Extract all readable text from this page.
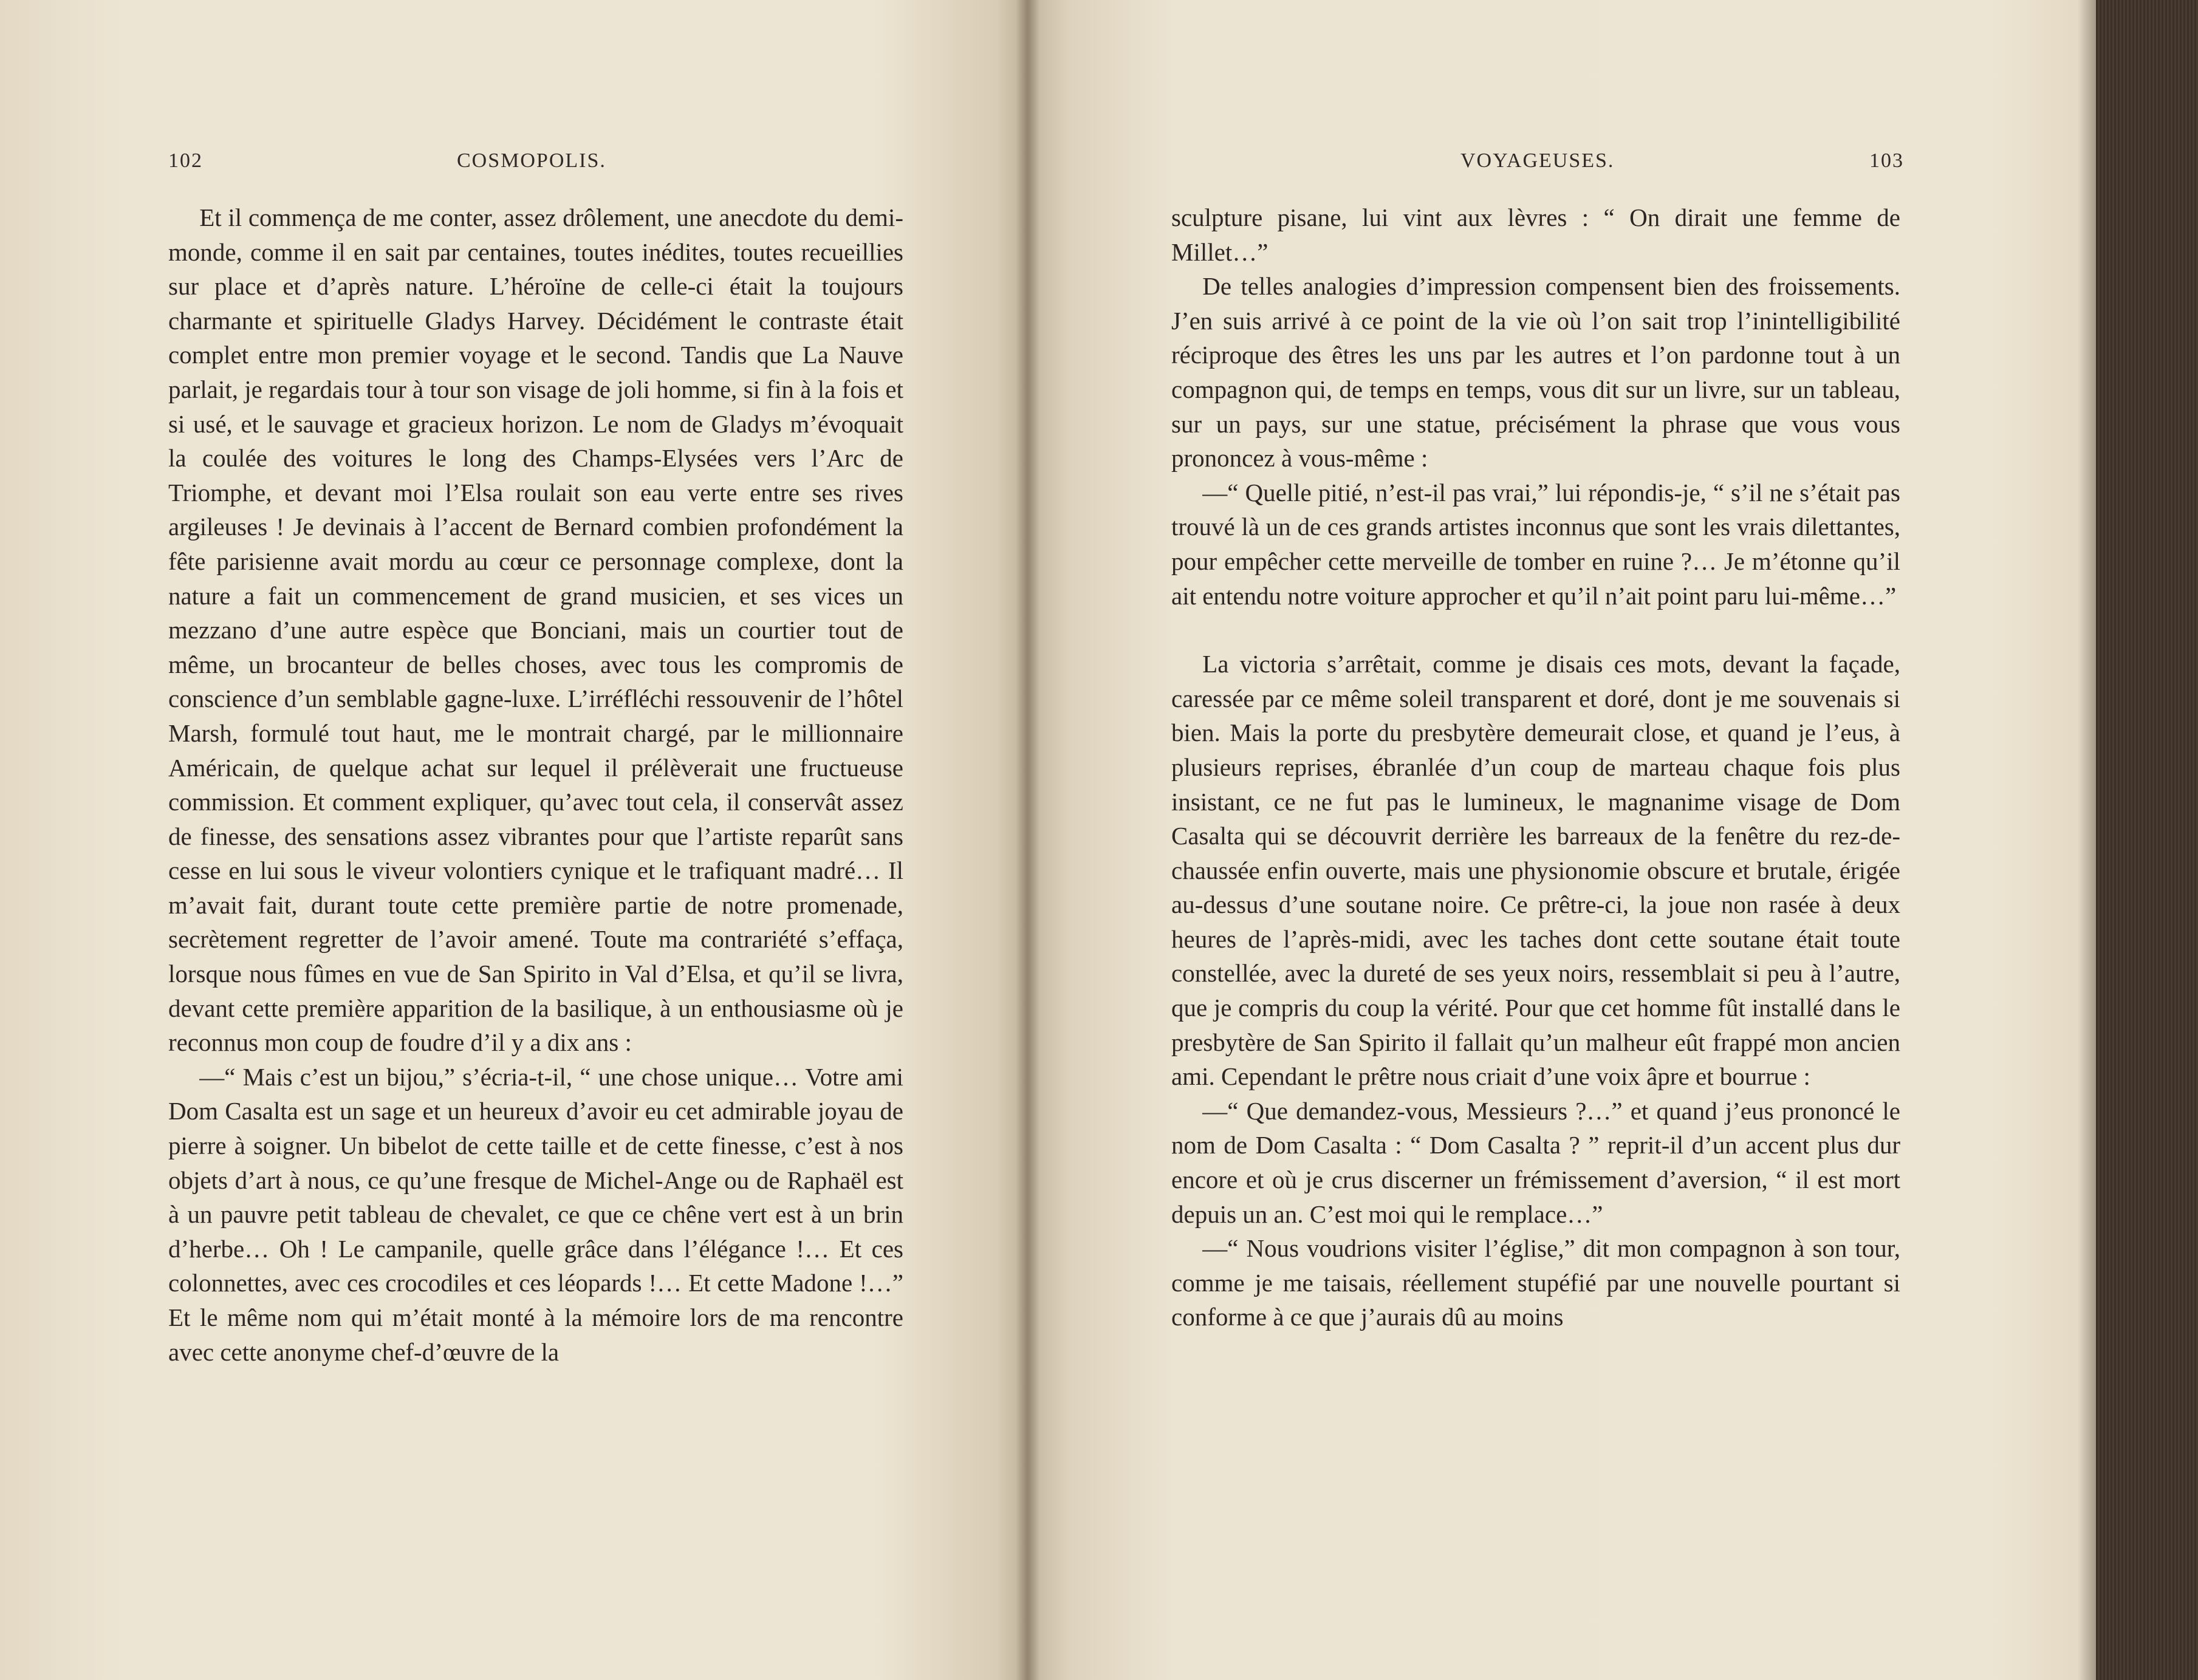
102	COSMOPOLIS.

Et il commença de me conter, assez drôlement, une anecdote du demi-monde, comme il en sait par centaines, toutes inédites, toutes recueillies sur place et d’après nature. L’héroïne de celle-ci était la toujours charmante et spirituelle Gladys Harvey. Décidément le contraste était complet entre mon premier voyage et le second. Tandis que La Nauve parlait, je regardais tour à tour son visage de joli homme, si fin à la fois et si usé, et le sauvage et gracieux horizon. Le nom de Gladys m’évoquait la coulée des voitures le long des Champs-Elysées vers l’Arc de Triomphe, et devant moi l’Elsa roulait son eau verte entre ses rives argileuses ! Je devinais à l’accent de Bernard combien profondément la fête parisienne avait mordu au cœur ce personnage complexe, dont la nature a fait un commencement de grand musicien, et ses vices un mezzano d’une autre espèce que Bonciani, mais un courtier tout de même, un brocanteur de belles choses, avec tous les compromis de conscience d’un semblable gagne-luxe. L’irréfléchi ressouvenir de l’hôtel Marsh, formulé tout haut, me le montrait chargé, par le millionnaire Américain, de quelque achat sur lequel il prélèverait une fructueuse commission. Et comment expliquer, qu’avec tout cela, il conservât assez de finesse, des sensations assez vibrantes pour que l’artiste reparût sans cesse en lui sous le viveur volontiers cynique et le trafiquant madré… Il m’avait fait, durant toute cette première partie de notre promenade, secrètement regretter de l’avoir amené. Toute ma contrariété s’effaça, lorsque nous fûmes en vue de San Spirito in Val d’Elsa, et qu’il se livra, devant cette première apparition de la basilique, à un enthousiasme où je reconnus mon coup de foudre d’il y a dix ans :

—“ Mais c’est un bijou,” s’écria-t-il, “ une chose unique… Votre ami Dom Casalta est un sage et un heureux d’avoir eu cet admirable joyau de pierre à soigner. Un bibelot de cette taille et de cette finesse, c’est à nos objets d’art à nous, ce qu’une fresque de Michel-Ange ou de Raphaël est à un pauvre petit tableau de chevalet, ce que ce chêne vert est à un brin d’herbe… Oh ! Le campanile, quelle grâce dans l’élégance !… Et ces colonnettes, avec ces crocodiles et ces léopards !… Et cette Madone !…” Et le même nom qui m’était monté à la mémoire lors de ma rencontre avec cette anonyme chef-d’œuvre de la

VOYAGEUSES.	103

sculpture pisane, lui vint aux lèvres : “ On dirait une femme de Millet…”

De telles analogies d’impression compensent bien des froissements. J’en suis arrivé à ce point de la vie où l’on sait trop l’inintelligibilité réciproque des êtres les uns par les autres et l’on pardonne tout à un compagnon qui, de temps en temps, vous dit sur un livre, sur un tableau, sur un pays, sur une statue, précisément la phrase que vous vous prononcez à vous-même :

—“ Quelle pitié, n’est-il pas vrai,” lui répondis-je, “ s’il ne s’était pas trouvé là un de ces grands artistes inconnus que sont les vrais dilettantes, pour empêcher cette merveille de tomber en ruine ?… Je m’étonne qu’il ait entendu notre voiture approcher et qu’il n’ait point paru lui-même…”

La victoria s’arrêtait, comme je disais ces mots, devant la façade, caressée par ce même soleil transparent et doré, dont je me souvenais si bien. Mais la porte du presbytère demeurait close, et quand je l’eus, à plusieurs reprises, ébranlée d’un coup de marteau chaque fois plus insistant, ce ne fut pas le lumineux, le magnanime visage de Dom Casalta qui se découvrit derrière les barreaux de la fenêtre du rez-de-chaussée enfin ouverte, mais une physionomie obscure et brutale, érigée au-dessus d’une soutane noire. Ce prêtre-ci, la joue non rasée à deux heures de l’après-midi, avec les taches dont cette soutane était toute constellée, avec la dureté de ses yeux noirs, ressemblait si peu à l’autre, que je compris du coup la vérité. Pour que cet homme fût installé dans le presbytère de San Spirito il fallait qu’un malheur eût frappé mon ancien ami. Cependant le prêtre nous criait d’une voix âpre et bourrue :

—“ Que demandez-vous, Messieurs ?…” et quand j’eus prononcé le nom de Dom Casalta : “ Dom Casalta ? ” reprit-il d’un accent plus dur encore et où je crus discerner un frémissement d’aversion, “ il est mort depuis un an. C’est moi qui le remplace…”

—“ Nous voudrions visiter l’église,” dit mon compagnon à son tour, comme je me taisais, réellement stupéfié par une nouvelle pourtant si conforme à ce que j’aurais dû au moins
